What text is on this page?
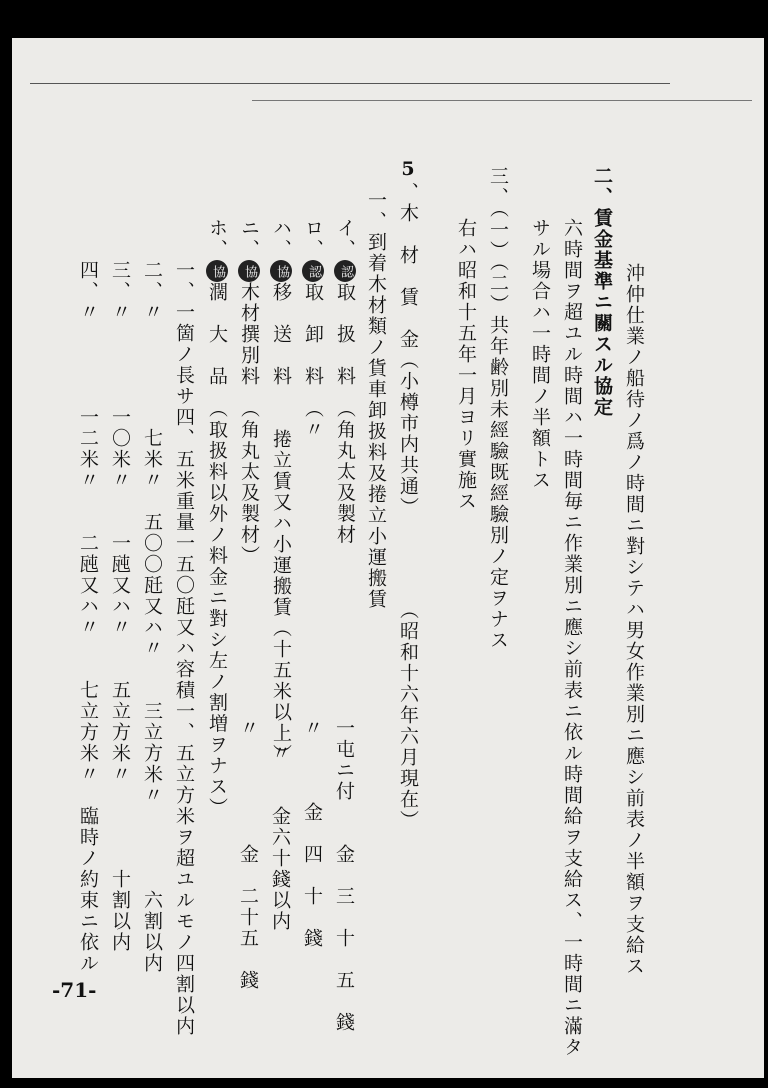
二、賃金基準ニ關スル協定 沖仲仕業ノ船待ノ爲ノ時間ニ對シテハ男女作業別ニ應シ前表ノ半額ヲ支給ス
六時間ヲ超ユル時間ハ一時間毎ニ作業別ニ應シ前表ニ依ル時間給ヲ支給ス、一時間ニ滿タ
サル場合ハ一時間ノ半額トス
三、（一）（二）共年齢別未經驗既經驗別ノ定ヲナス
右ハ昭和十五年一月ヨリ實施ス
5、木　材　賃　金（小樽市内共通）
（昭和十六年六月現在）
一、到着木材類ノ貨車卸扱料及捲立小運搬賃
イ、認取　扱　料　（角丸太及製材
一屯ニ付　　金　三　十　五　錢
ロ、認取　卸　料　（〃
〃　　　金　四　十　錢
ハ、協移　送　料　　捲立賃又ハ小運搬賃（十五米以上）
〃　　金六十錢以内
ニ、協木材撰別料　（角丸太及製材）
〃　　　　　金　二十五　錢
ホ、協濶　大　品　（取扱料以外ノ料金ニ對シ左ノ割増ヲナス）
一、一箇ノ長サ四、五米重量一五〇瓩又ハ容積一、五立方米ヲ超ユルモノ四割以内
二、〃　　　　　七米〃　五〇〇瓩又ハ〃　　三立方米〃　　　　六割以内
三、〃　　　　一〇米〃　　一瓲又ハ〃　　五立方米〃　　　　十割以内
四、〃　　　　一二米〃　　二瓲又ハ〃　　七立方米〃　臨時ノ約束ニ依ル
-71-
